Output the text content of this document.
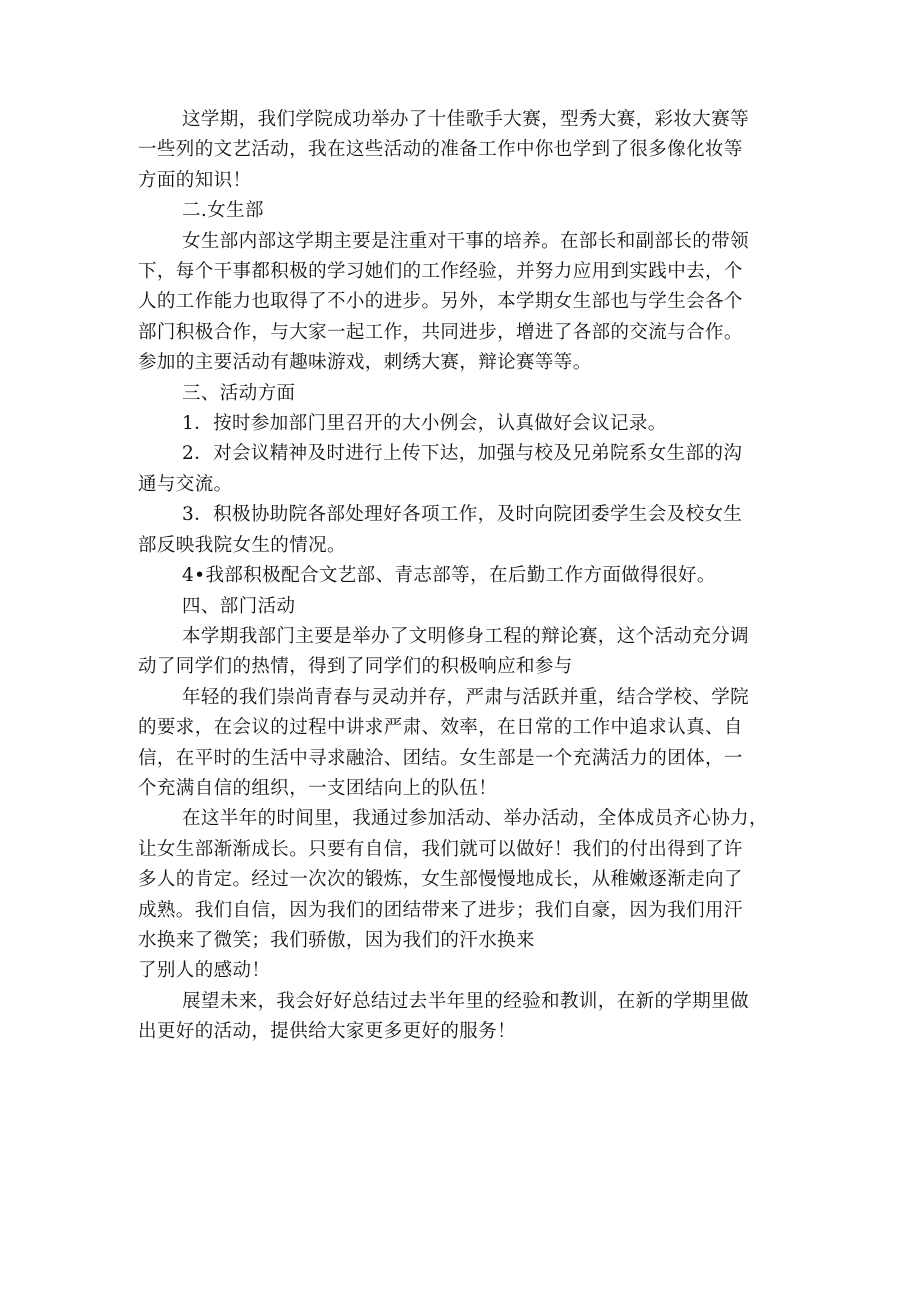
这学期，我们学院成功举办了十佳歌手大赛，型秀大赛，彩妆大赛等
一些列的文艺活动，我在这些活动的准备工作中你也学到了很多像化妆等
方面的知识！

二.女生部

女生部内部这学期主要是注重对干事的培养。在部长和副部长的带领
下，每个干事都积极的学习她们的工作经验，并努力应用到实践中去，个
人的工作能力也取得了不小的进步。另外，本学期女生部也与学生会各个
部门积极合作，与大家一起工作，共同进步，增进了各部的交流与合作。
参加的主要活动有趣味游戏，刺绣大赛，辩论赛等等。

三、活动方面

1．按时参加部门里召开的大小例会，认真做好会议记录。

2．对会议精神及时进行上传下达，加强与校及兄弟院系女生部的沟
通与交流。

3．积极协助院各部处理好各项工作，及时向院团委学生会及校女生
部反映我院女生的情况。

4•我部积极配合文艺部、青志部等，在后勤工作方面做得很好。

四、部门活动

本学期我部门主要是举办了文明修身工程的辩论赛，这个活动充分调
动了同学们的热情，得到了同学们的积极响应和参与

年轻的我们崇尚青春与灵动并存，严肃与活跃并重，结合学校、学院
的要求，在会议的过程中讲求严肃、效率，在日常的工作中追求认真、自
信，在平时的生活中寻求融洽、团结。女生部是一个充满活力的团体，一
个充满自信的组织，一支团结向上的队伍！

在这半年的时间里，我通过参加活动、举办活动，全体成员齐心协力，
让女生部渐渐成长。只要有自信，我们就可以做好！我们的付出得到了许
多人的肯定。经过一次次的锻炼，女生部慢慢地成长，从稚嫩逐渐走向了
成熟。我们自信，因为我们的团结带来了进步；我们自豪，因为我们用汗
水换来了微笑；我们骄傲，因为我们的汗水换来

了别人的感动！

展望未来，我会好好总结过去半年里的经验和教训，在新的学期里做
出更好的活动，提供给大家更多更好的服务！
